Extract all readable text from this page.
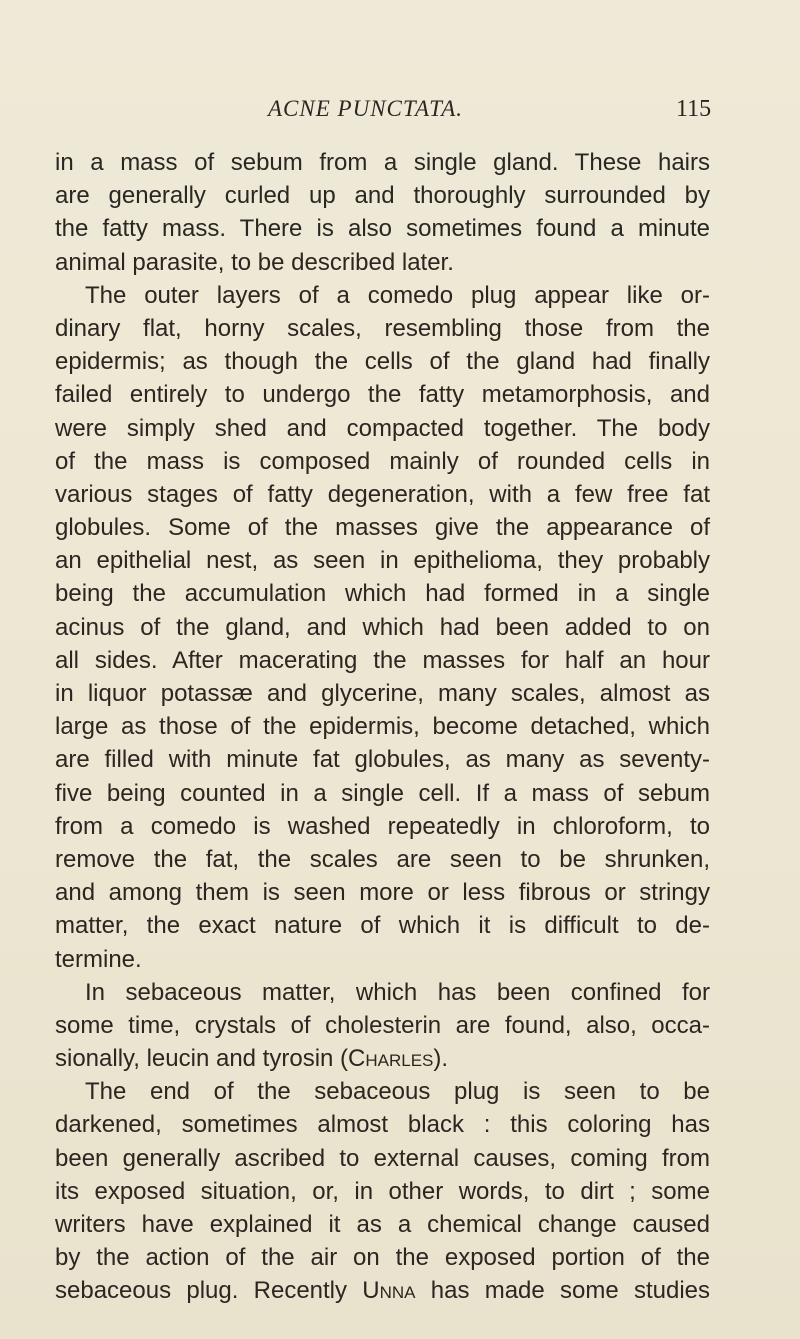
ACNE PUNCTATA.	115
in a mass of sebum from a single gland. These hairs
are generally curled up and thoroughly surrounded by
the fatty mass. There is also sometimes found a minute
animal parasite, to be described later.
The outer layers of a comedo plug appear like or-
dinary flat, horny scales, resembling those from the
epidermis; as though the cells of the gland had finally
failed entirely to undergo the fatty metamorphosis, and
were simply shed and compacted together. The body
of the mass is composed mainly of rounded cells in
various stages of fatty degeneration, with a few free fat
globules. Some of the masses give the appearance of
an epithelial nest, as seen in epithelioma, they probably
being the accumulation which had formed in a single
acinus of the gland, and which had been added to on
all sides. After macerating the masses for half an hour
in liquor potassæ and glycerine, many scales, almost as
large as those of the epidermis, become detached, which
are filled with minute fat globules, as many as seventy-
five being counted in a single cell. If a mass of sebum
from a comedo is washed repeatedly in chloroform, to
remove the fat, the scales are seen to be shrunken,
and among them is seen more or less fibrous or stringy
matter, the exact nature of which it is difficult to de-
termine.
In sebaceous matter, which has been confined for
some time, crystals of cholesterin are found, also, occa-
sionally, leucin and tyrosin (Charles).
The end of the sebaceous plug is seen to be
darkened, sometimes almost black : this coloring has
been generally ascribed to external causes, coming from
its exposed situation, or, in other words, to dirt ; some
writers have explained it as a chemical change caused
by the action of the air on the exposed portion of the
sebaceous plug. Recently Unna has made some studies
